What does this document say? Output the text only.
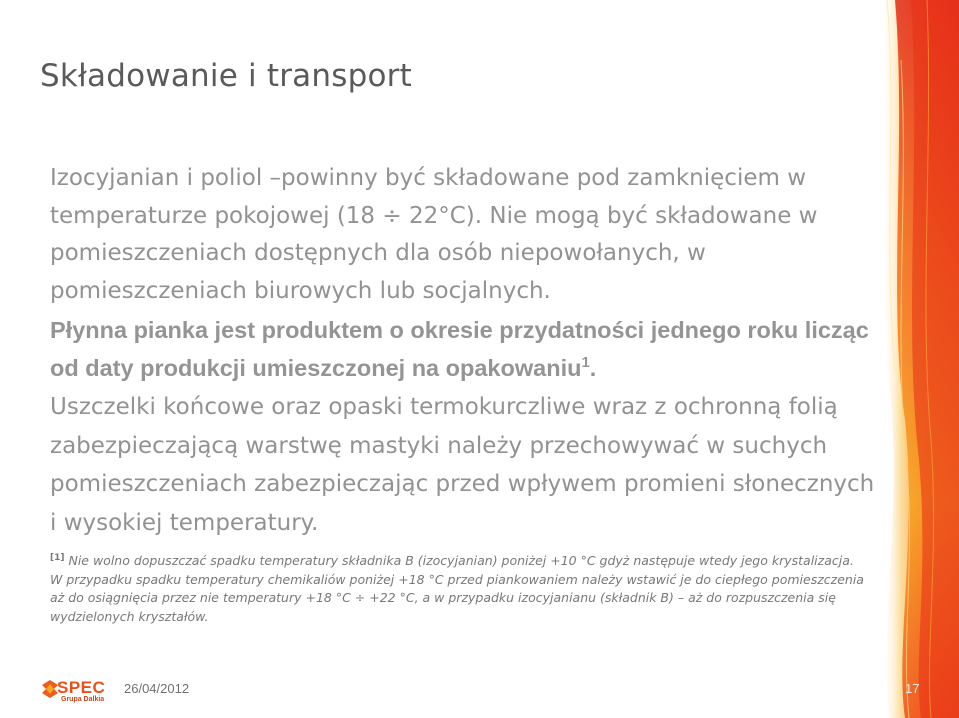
Składowanie i transport
Izocyjanian i poliol –powinny być składowane pod zamknięciem w temperaturze pokojowej (18 ÷ 22°C). Nie mogą być składowane w pomieszczeniach dostępnych dla osób niepowołanych, w pomieszczeniach biurowych lub socjalnych.
Płynna pianka jest produktem o okresie przydatności jednego roku licząc od daty produkcji umieszczonej na opakowaniu$^1$.
Uszczelki końcowe oraz opaski termokurczliwe wraz z ochronną folią zabezpieczającą warstwę mastyki należy przechowywać w suchych pomieszczeniach zabezpieczając przed wpływem promieni słonecznych i wysokiej temperatury.

[1] Nie wolno dopuszczać spadku temperatury składnika B (izocyjanian) poniżej +10 °C gdyż następuje wtedy jego krystalizacja.

W przypadku spadku temperatury chemikaliów poniżej +18 °C przed piankowaniem należy wstawić je do ciepłego pomieszczenia aż do osiągnięcia przez nie temperatury +18 °C ÷ +22 °C, a w przypadku izocyjanianu (składnik B) – aż do rozpuszczenia się wydzielonych kryształów.

SPEC
Grupa Dalkia
26/04/2012	17
